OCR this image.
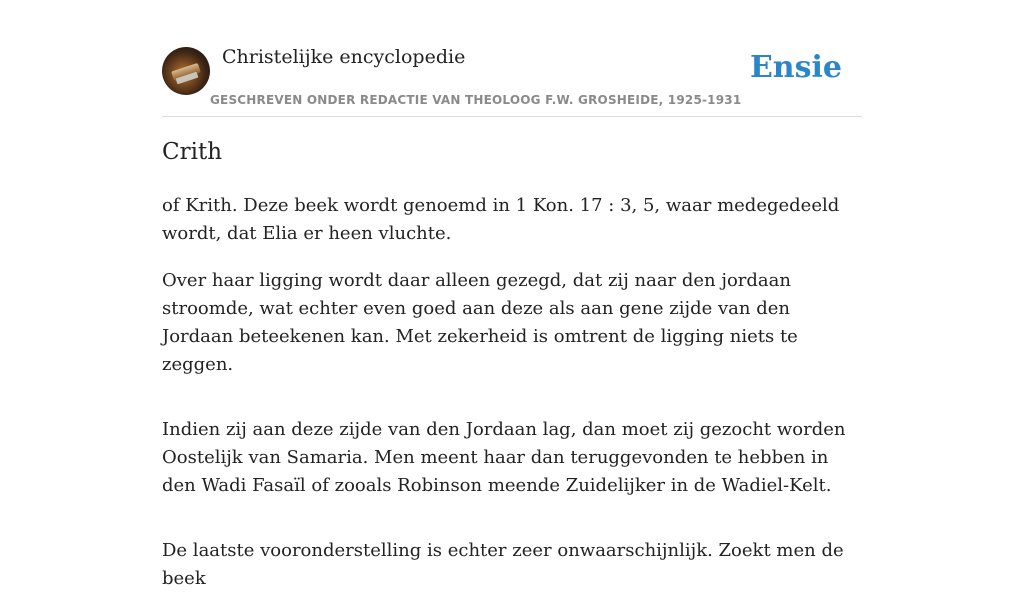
Christelijke encyclopedie
GESCHREVEN ONDER REDACTIE VAN THEOLOOG F.W. GROSHEIDE, 1925-1931
Ensie
Crith

of Krith. Deze beek wordt genoemd in 1 Kon. 17 : 3, 5, waar medegedeeld wordt, dat Elia er heen vluchte.

Over haar ligging wordt daar alleen gezegd, dat zij naar den jordaan stroomde, wat echter even goed aan deze als aan gene zijde van den Jordaan beteekenen kan. Met zekerheid is omtrent de ligging niets te zeggen.

Indien zij aan deze zijde van den Jordaan lag, dan moet zij gezocht worden Oostelijk van Samaria. Men meent haar dan teruggevonden te hebben in den Wadi Fasaïl of zooals Robinson meende Zuidelijker in de Wadiel-Kelt.

De laatste vooronderstelling is echter zeer onwaarschijnlijk. Zoekt men de beek
